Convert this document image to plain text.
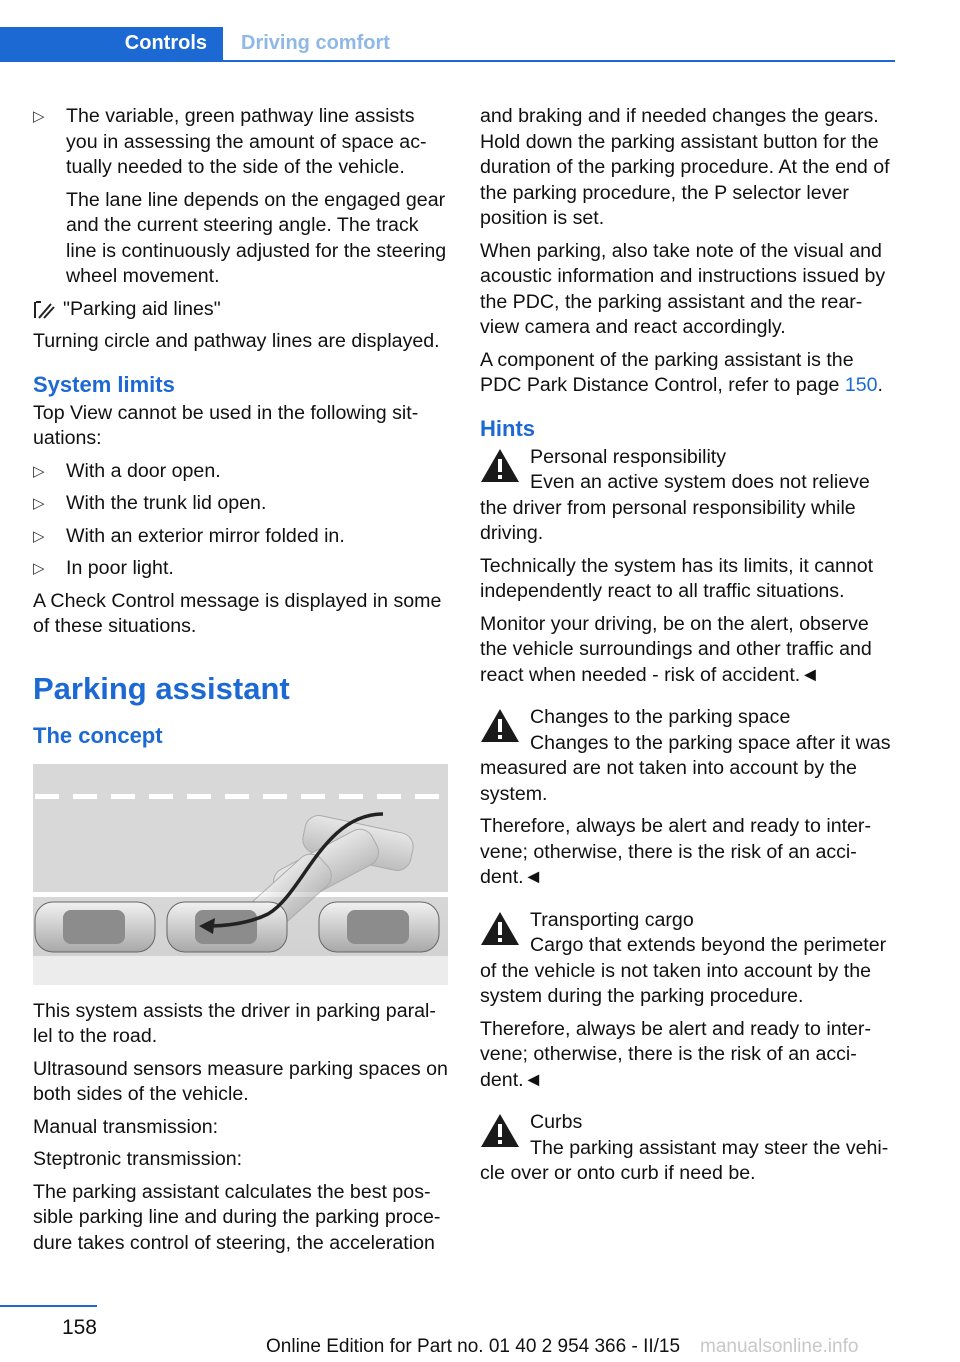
Controls	Driving comfort
▷ The variable, green pathway line assists you in assessing the amount of space ac‐ tually needed to the side of the vehicle.
The lane line depends on the engaged gear and the current steering angle. The track line is continuously adjusted for the steering wheel movement.
"Parking aid lines"

Turning circle and pathway lines are displayed.

System limits

Top View cannot be used in the following sit‐ uations:

▷ With a door open.
▷ With the trunk lid open.
▷ With an exterior mirror folded in.
▷ In poor light.

A Check Control message is displayed in some of these situations.

Parking assistant
The concept

This system assists the driver in parking paral‐ lel to the road.

Ultrasound sensors measure parking spaces on both sides of the vehicle.

Manual transmission:

Steptronic transmission:

The parking assistant calculates the best pos‐ sible parking line and during the parking proce‐ dure takes control of steering, the acceleration

and braking and if needed changes the gears. Hold down the parking assistant button for the duration of the parking procedure. At the end of the parking procedure, the P selector lever position is set.

When parking, also take note of the visual and acoustic information and instructions issued by the PDC, the parking assistant and the rear‐ view camera and react accordingly.

A component of the parking assistant is the PDC Park Distance Control, refer to page 150.

Hints
Personal responsibility

Even an active system does not relieve the driver from personal responsibility while driving.

Technically the system has its limits, it cannot independently react to all traffic situations.

Monitor your driving, be on the alert, observe the vehicle surroundings and other traffic and react when needed - risk of accident.◄

Changes to the parking space

Changes to the parking space after it was measured are not taken into account by the system.

Therefore, always be alert and ready to inter‐ vene; otherwise, there is the risk of an acci‐ dent.◄

Transporting cargo

Cargo that extends beyond the perimeter of the vehicle is not taken into account by the system during the parking procedure.

Therefore, always be alert and ready to inter‐ vene; otherwise, there is the risk of an acci‐ dent.◄

Curbs

The parking assistant may steer the vehi‐ cle over or onto curb if need be.

158
Online Edition for Part no. 01 40 2 954 366 - II/15 manualsonline.info
